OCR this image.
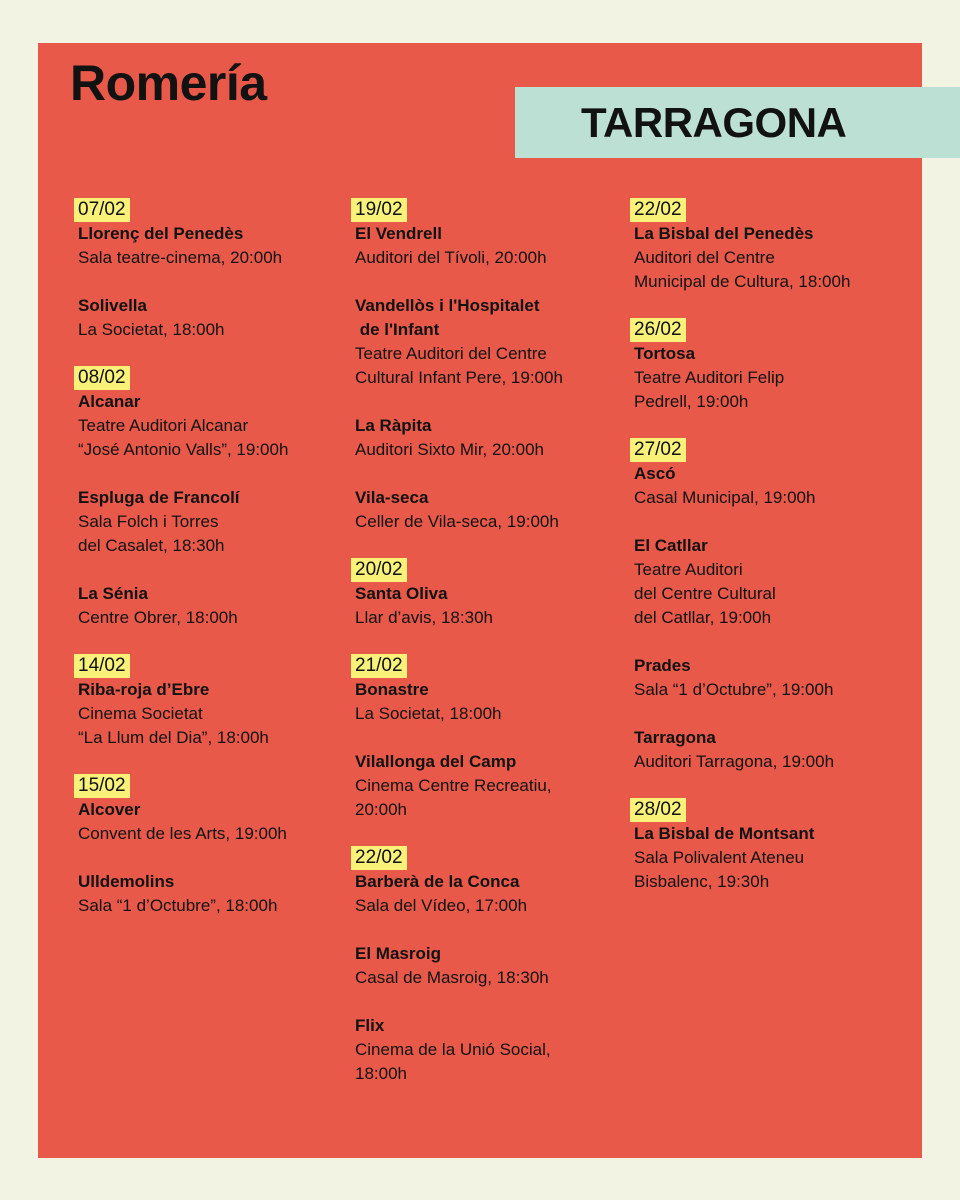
Romería
TARRAGONA
07/02
Llorenç del Penedès
Sala teatre-cinema, 20:00h
Solivella
La Societat, 18:00h
08/02
Alcanar
Teatre Auditori Alcanar
“José Antonio Valls”, 19:00h
Espluga de Francolí
Sala Folch i Torres
del Casalet, 18:30h
La Sénia
Centre Obrer, 18:00h
14/02
Riba-roja d’Ebre
Cinema Societat
“La Llum del Dia”, 18:00h
15/02
Alcover
Convent de les Arts, 19:00h
Ulldemolins
Sala “1 d’Octubre”, 18:00h
19/02
El Vendrell
Auditori del Tívoli, 20:00h
Vandellòs i l'Hospitalet
de l'Infant
Teatre Auditori del Centre
Cultural Infant Pere, 19:00h
La Ràpita
Auditori Sixto Mir, 20:00h
Vila-seca
Celler de Vila-seca, 19:00h
20/02
Santa Oliva
Llar d’avis, 18:30h
21/02
Bonastre
La Societat, 18:00h
Vilallonga del Camp
Cinema Centre Recreatiu,
20:00h
22/02
Barberà de la Conca
Sala del Vídeo, 17:00h
El Masroig
Casal de Masroig, 18:30h
Flix
Cinema de la Unió Social,
18:00h
22/02
La Bisbal del Penedès
Auditori del Centre
Municipal de Cultura, 18:00h
26/02
Tortosa
Teatre Auditori Felip
Pedrell, 19:00h
27/02
Ascó
Casal Municipal, 19:00h
El Catllar
Teatre Auditori
del Centre Cultural
del Catllar, 19:00h
Prades
Sala “1 d’Octubre”, 19:00h
Tarragona
Auditori Tarragona, 19:00h
28/02
La Bisbal de Montsant
Sala Polivalent Ateneu
Bisbalenc, 19:30h
